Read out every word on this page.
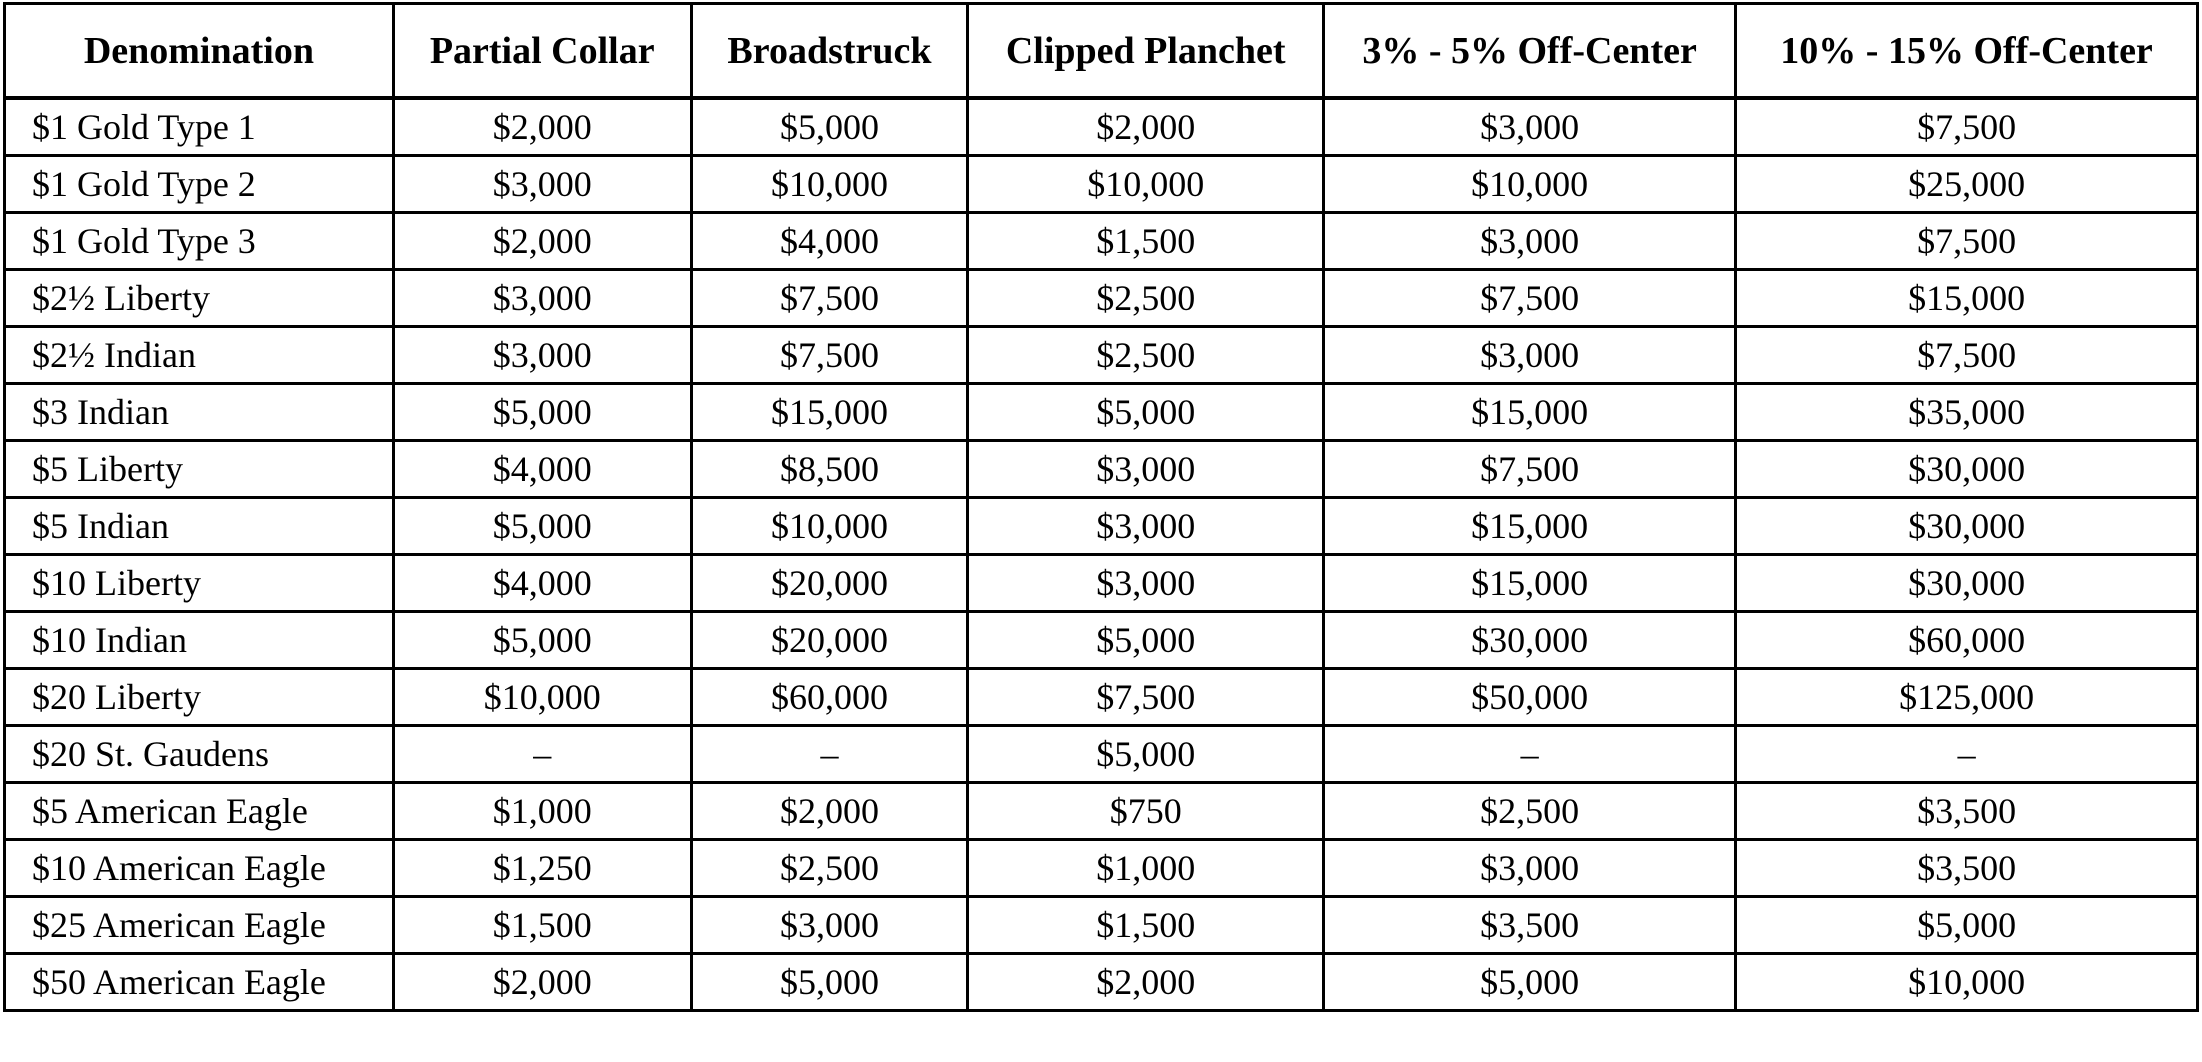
Denomination	Partial Collar	Broadstruck	Clipped Planchet	3% - 5% Off-Center	10% - 15% Off-Center
$1 Gold Type 1	$2,000	$5,000	$2,000	$3,000	$7,500
$1 Gold Type 2	$3,000	$10,000	$10,000	$10,000	$25,000
$1 Gold Type 3	$2,000	$4,000	$1,500	$3,000	$7,500
$2½ Liberty	$3,000	$7,500	$2,500	$7,500	$15,000
$2½ Indian	$3,000	$7,500	$2,500	$3,000	$7,500
$3 Indian	$5,000	$15,000	$5,000	$15,000	$35,000
$5 Liberty	$4,000	$8,500	$3,000	$7,500	$30,000
$5 Indian	$5,000	$10,000	$3,000	$15,000	$30,000
$10 Liberty	$4,000	$20,000	$3,000	$15,000	$30,000
$10 Indian	$5,000	$20,000	$5,000	$30,000	$60,000
$20 Liberty	$10,000	$60,000	$7,500	$50,000	$125,000
$20 St. Gaudens	–	–	$5,000	–	–
$5 American Eagle	$1,000	$2,000	$750	$2,500	$3,500
$10 American Eagle	$1,250	$2,500	$1,000	$3,000	$3,500
$25 American Eagle	$1,500	$3,000	$1,500	$3,500	$5,000
$50 American Eagle	$2,000	$5,000	$2,000	$5,000	$10,000
